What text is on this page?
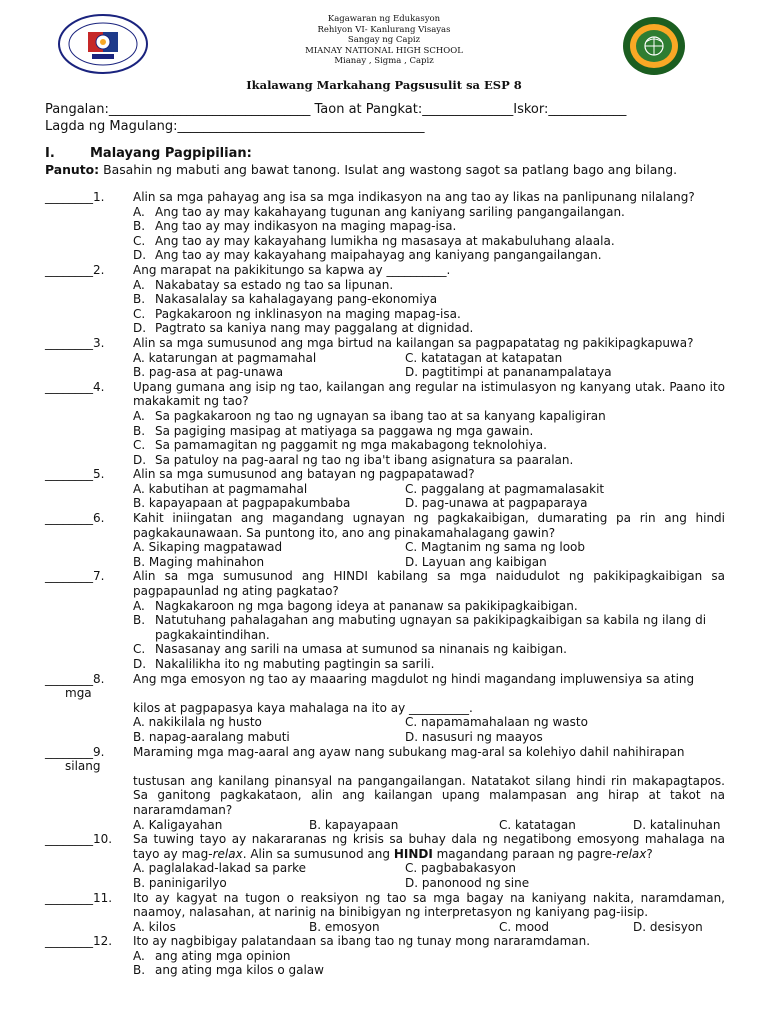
Kagawaran ng Edukasyon
Rehiyon VI- Kanlurang Visayas
Sangay ng Capiz
MIANAY NATIONAL HIGH SCHOOL
Mianay , Sigma , Capiz
Ikalawang Markahang Pagsusulit sa ESP 8
Pangalan:_______________________________ Taon at Pangkat:______________Iskor:____________
Lagda ng Magulang:______________________________________
I.	Malayang Pagpipilian:
Panuto: Basahin ng mabuti ang bawat tanong. Isulat ang wastong sagot sa patlang bago ang bilang.
________1.	Alin sa mga pahayag ang isa sa mga indikasyon na ang tao ay likas na panlipunang nilalang?
A. Ang tao ay may kakahayang tugunan ang kaniyang sariling pangangailangan.
B. Ang tao ay may indikasyon na maging mapag-isa.
C. Ang tao ay may kakayahang lumikha ng masasaya at makabuluhang alaala.
D. Ang tao ay may kakayahang maipahayag ang kaniyang pangangailangan.
________2.	Ang marapat na pakikitungo sa kapwa ay __________.
A. Nakabatay sa estado ng tao sa lipunan.
B. Nakasalalay sa kahalagayang pang-ekonomiya
C. Pagkakaroon ng inklinasyon na maging mapag-isa.
D. Pagtrato sa kaniya nang may paggalang at dignidad.
________3.	Alin sa mga sumusunod ang mga birtud na kailangan sa pagpapatatag ng pakikipagkapuwa?
A. katarungan at pagmamahal	C. katatagan at katapatan
B. pag-asa at pag-unawa	D. pagtitimpi at pananampalataya
________4.	Upang gumana ang isip ng tao, kailangan ang regular na istimulasyon ng kanyang utak. Paano ito makakamit ng tao?
A. Sa pagkakaroon ng tao ng ugnayan sa ibang tao at sa kanyang kapaligiran
B. Sa pagiging masipag at matiyaga sa paggawa ng mga gawain.
C. Sa pamamagitan ng paggamit ng mga makabagong teknolohiya.
D. Sa patuloy na pag-aaral ng tao ng iba't ibang asignatura sa paaralan.
________5.	Alin sa mga sumusunod ang batayan ng pagpapatawad?
A. kabutihan at pagmamahal	C. paggalang at pagmamalasakit
B. kapayapaan at pagpapakumbaba	D. pag-unawa at pagpaparaya
________6.	Kahit iniingatan ang magandang ugnayan ng pagkakaibigan, dumarating pa rin ang hindi pagkakaunawaan. Sa puntong ito, ano ang pinakamahalagang gawin?
A. Sikaping magpatawad	C. Magtanim ng sama ng loob
B. Maging mahinahon	D. Layuan ang kaibigan
________7.	Alin sa mga sumusunod ang HINDI kabilang sa mga naidudulot ng pakikipagkaibigan sa pagpapaunlad ng ating pagkatao?
A. Nagkakaroon ng mga bagong ideya at pananaw sa pakikipagkaibigan.
B. Natutuhang pahalagahan ang mabuting ugnayan sa pakikipagkaibigan sa kabila ng ilang di pagkakaintindihan.
C. Nasasanay ang sarili na umasa at sumunod sa ninanais ng kaibigan.
D. Nakalilikha ito ng mabuting pagtingin sa sarili.
________8.	Ang mga emosyon ng tao ay maaaring magdulot ng hindi magandang impluwensiya sa ating
mga
kilos at pagpapasya kaya mahalaga na ito ay __________.
A. nakikilala ng husto	C. napamamahalaan ng wasto
B. napag-aaralang mabuti	D. nasusuri ng maayos
________9.	Maraming mga mag-aaral ang ayaw nang subukang mag-aral sa kolehiyo dahil nahihirapan
silang
tustusan ang kanilang pinansyal na pangangailangan. Natatakot silang hindi rin makapagtapos. Sa ganitong pagkakataon, alin ang kailangan upang malampasan ang hirap at takot na nararamdaman?
A. Kaligayahan	B. kapayapaan	C. katatagan	D. katalinuhan
________10.	Sa tuwing tayo ay nakararanas ng krisis sa buhay dala ng negatibong emosyong mahalaga na tayo ay mag-relax. Alin sa sumusunod ang HINDI magandang paraan ng pagre-relax?
A. paglalakad-lakad sa parke	C. pagbabakasyon
B. paninigarilyo	D. panonood ng sine
________11.	Ito ay kagyat na tugon o reaksiyon ng tao sa mga bagay na kaniyang nakita, naramdaman, naamoy, nalasahan, at narinig na binibigyan ng interpretasyon ng kaniyang pag-iisip.
A. kilos	B. emosyon	C. mood	D. desisyon
________12.	Ito ay nagbibigay palatandaan sa ibang tao ng tunay mong nararamdaman.
A. ang ating mga opinion
B. ang ating mga kilos o galaw
